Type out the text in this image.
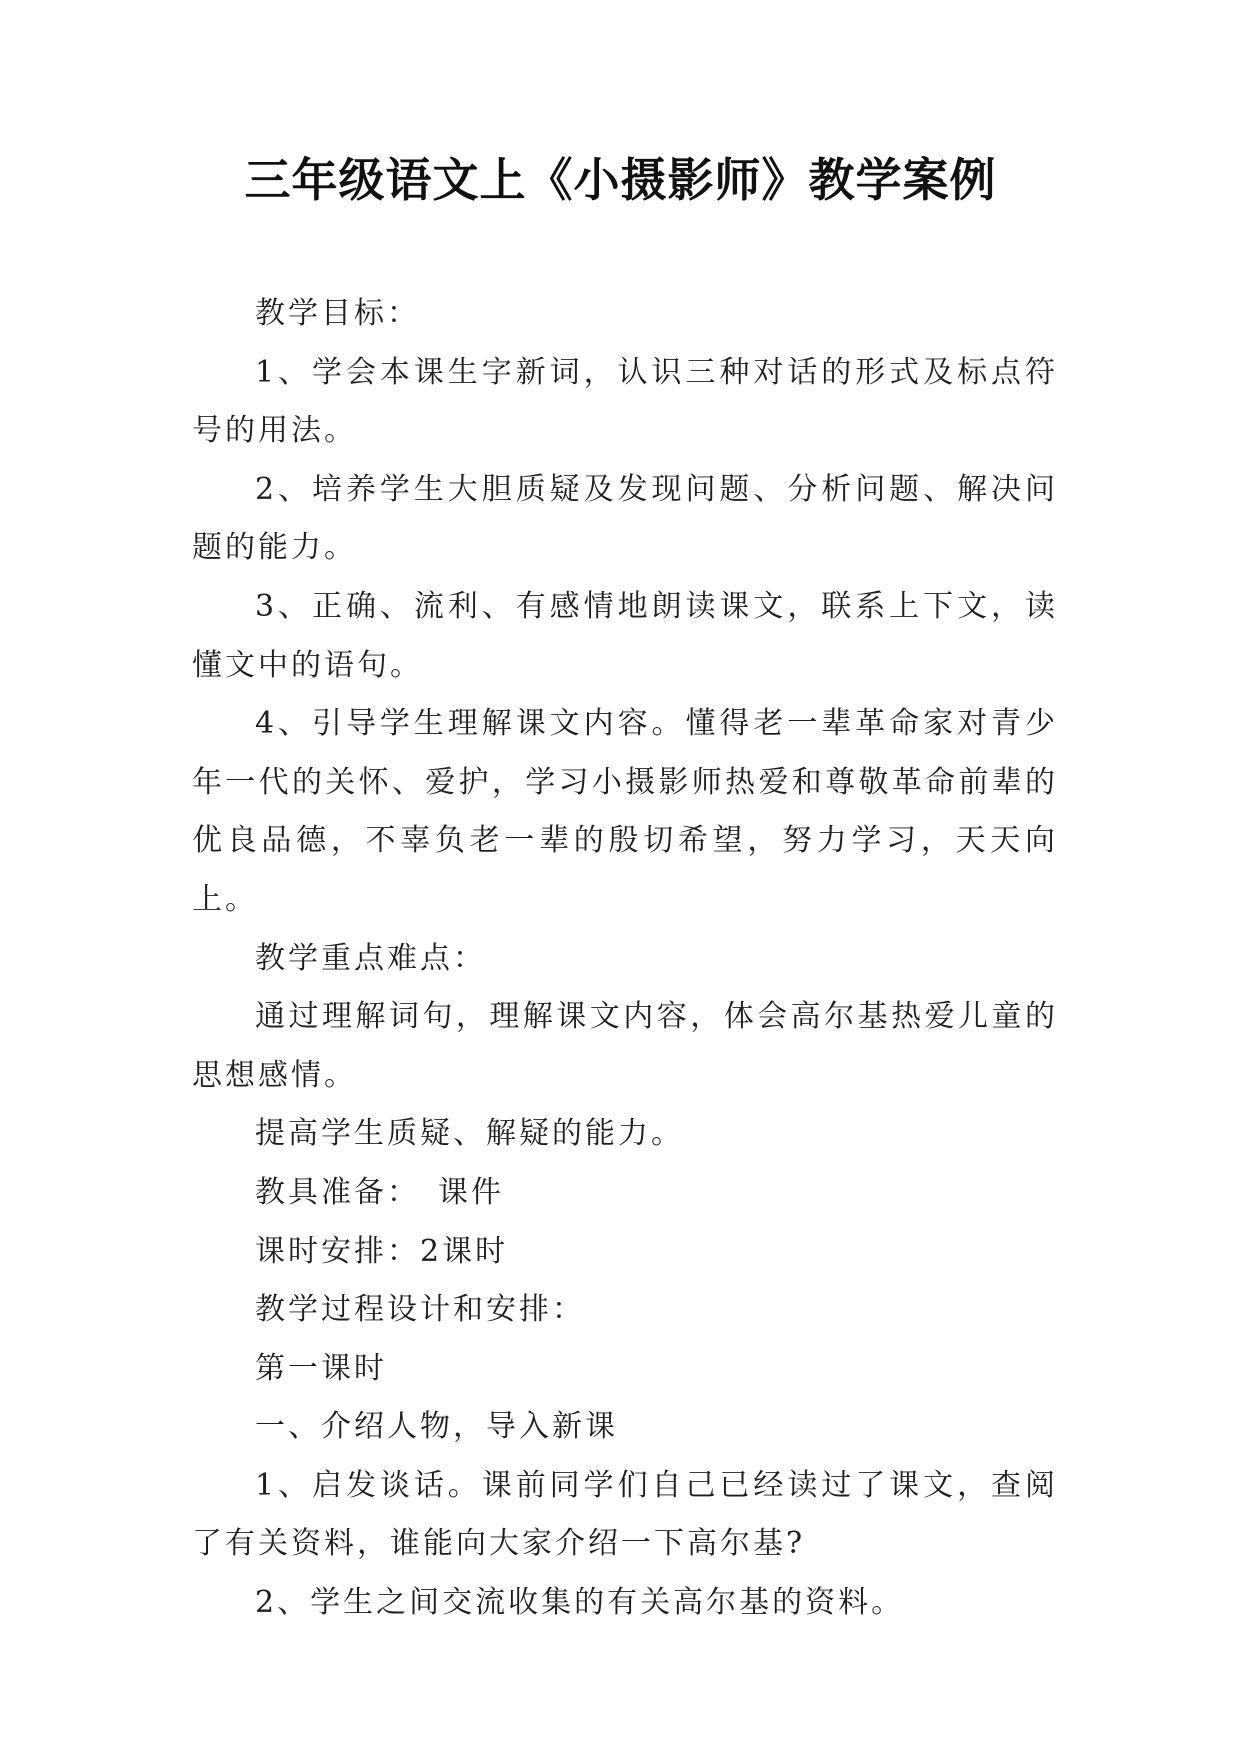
三年级语文上《小摄影师》教学案例

教学目标：

1、学会本课生字新词，认识三种对话的形式及标点符号的用法。

2、培养学生大胆质疑及发现问题、分析问题、解决问题的能力。

3、正确、流利、有感情地朗读课文，联系上下文，读懂文中的语句。

4、引导学生理解课文内容。懂得老一辈革命家对青少年一代的关怀、爱护，学习小摄影师热爱和尊敬革命前辈的优良品德，不辜负老一辈的殷切希望，努力学习，天天向上。

教学重点难点：

通过理解词句，理解课文内容，体会高尔基热爱儿童的思想感情。

提高学生质疑、解疑的能力。

教具准备：　课件

课时安排：2课时

教学过程设计和安排：

第一课时

一、介绍人物，导入新课

1、启发谈话。课前同学们自己已经读过了课文，查阅了有关资料，谁能向大家介绍一下高尔基?

2、学生之间交流收集的有关高尔基的资料。
